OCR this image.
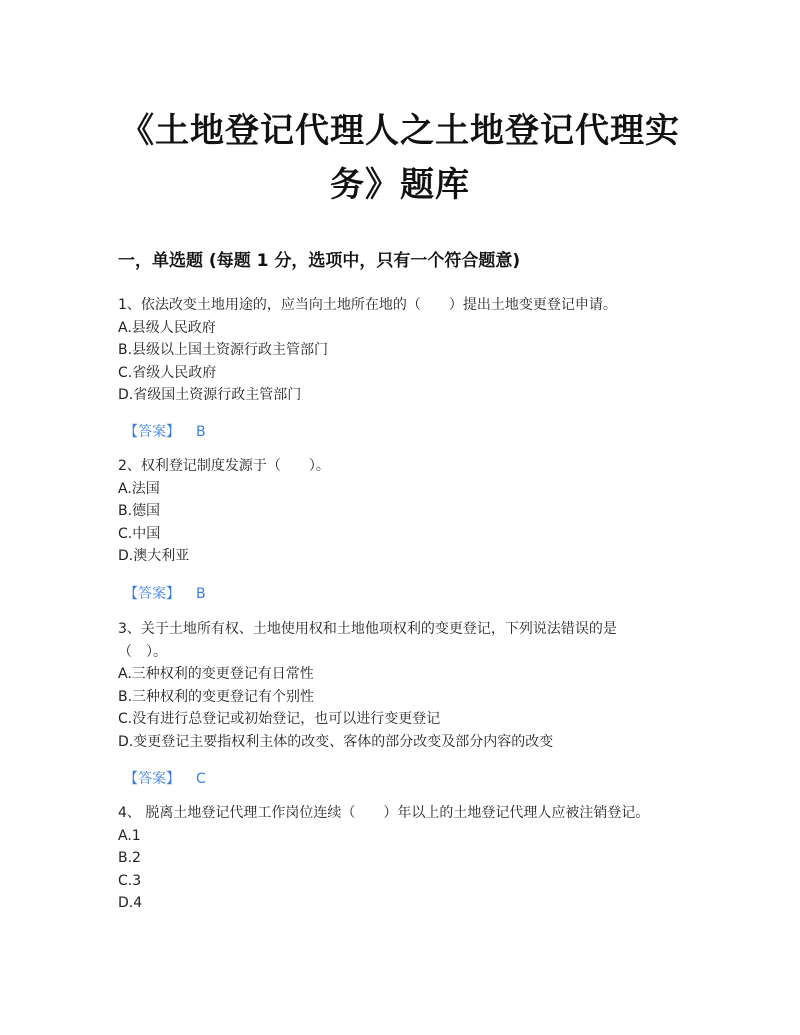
《土地登记代理人之土地登记代理实务》题库
一，单选题 (每题 1 分，选项中，只有一个符合题意)
1、依法改变土地用途的，应当向土地所在地的（　　）提出土地变更登记申请。
A.县级人民政府
B.县级以上国土资源行政主管部门
C.省级人民政府
D.省级国土资源行政主管部门
【答案】 B
2、权利登记制度发源于（　　）。
A.法国
B.德国
C.中国
D.澳大利亚
【答案】 B
3、关于土地所有权、土地使用权和土地他项权利的变更登记，下列说法错误的是（　）。
A.三种权利的变更登记有日常性
B.三种权利的变更登记有个别性
C.没有进行总登记或初始登记，也可以进行变更登记
D.变更登记主要指权利主体的改变、客体的部分改变及部分内容的改变
【答案】 C
4、 脱离土地登记代理工作岗位连续（　　）年以上的土地登记代理人应被注销登记。
A.1
B.2
C.3
D.4
